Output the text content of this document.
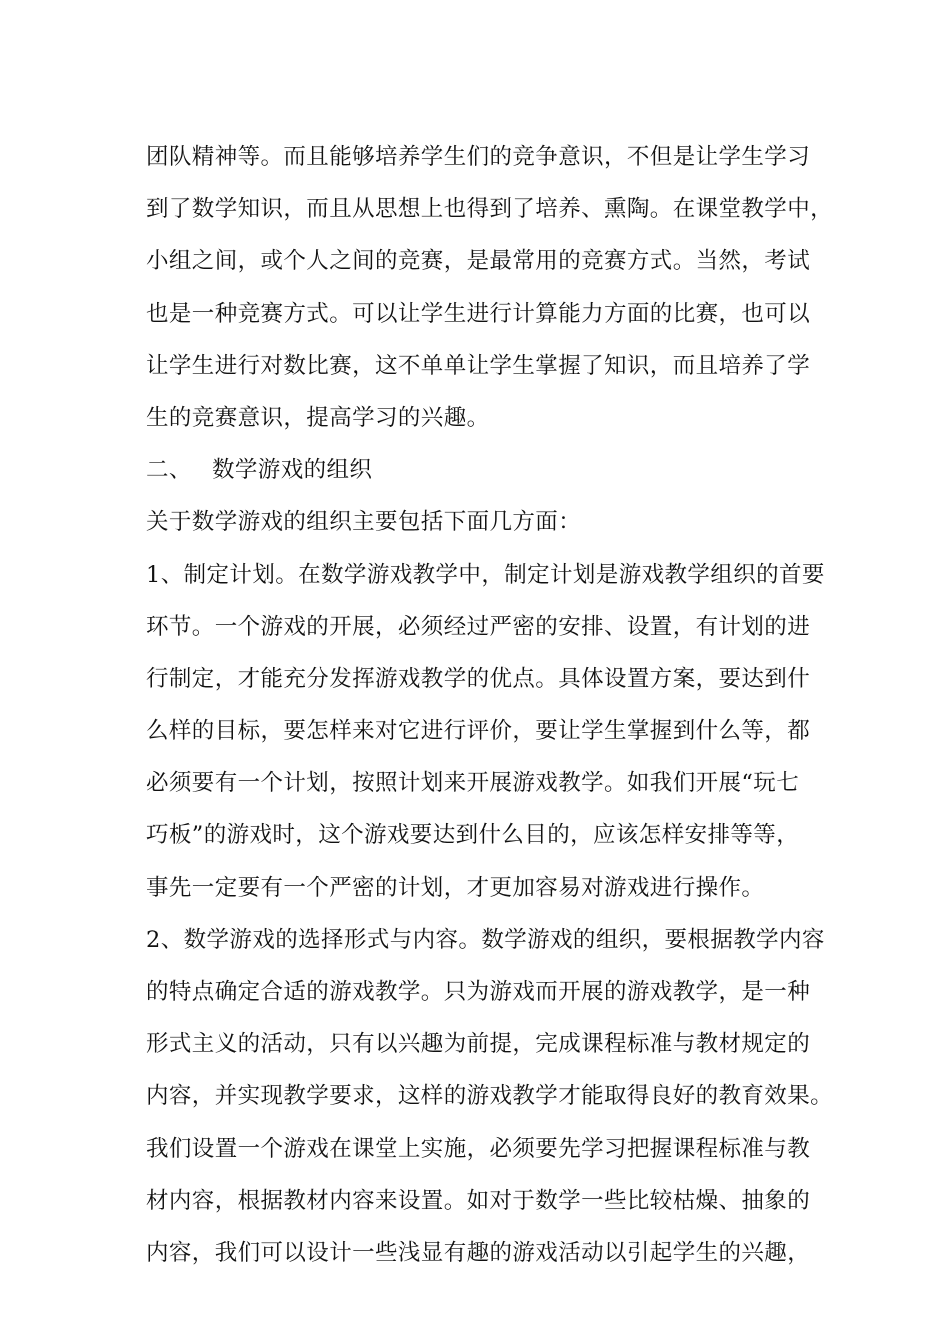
团队精神等。而且能够培养学生们的竞争意识，不但是让学生学习
到了数学知识，而且从思想上也得到了培养、熏陶。在课堂教学中，
小组之间，或个人之间的竞赛，是最常用的竞赛方式。当然，考试
也是一种竞赛方式。可以让学生进行计算能力方面的比赛，也可以
让学生进行对数比赛，这不单单让学生掌握了知识，而且培养了学
生的竞赛意识，提高学习的兴趣。
二、 数学游戏的组织
关于数学游戏的组织主要包括下面几方面：
1、制定计划。在数学游戏教学中，制定计划是游戏教学组织的首要
环节。一个游戏的开展，必须经过严密的安排、设置，有计划的进
行制定，才能充分发挥游戏教学的优点。具体设置方案，要达到什
么样的目标，要怎样来对它进行评价，要让学生掌握到什么等，都
必须要有一个计划，按照计划来开展游戏教学。如我们开展“玩七
巧板”的游戏时，这个游戏要达到什么目的，应该怎样安排等等，
事先一定要有一个严密的计划，才更加容易对游戏进行操作。
2、数学游戏的选择形式与内容。数学游戏的组织，要根据教学内容
的特点确定合适的游戏教学。只为游戏而开展的游戏教学，是一种
形式主义的活动，只有以兴趣为前提，完成课程标准与教材规定的
内容，并实现教学要求，这样的游戏教学才能取得良好的教育效果。
我们设置一个游戏在课堂上实施，必须要先学习把握课程标准与教
材内容，根据教材内容来设置。如对于数学一些比较枯燥、抽象的
内容，我们可以设计一些浅显有趣的游戏活动以引起学生的兴趣，
